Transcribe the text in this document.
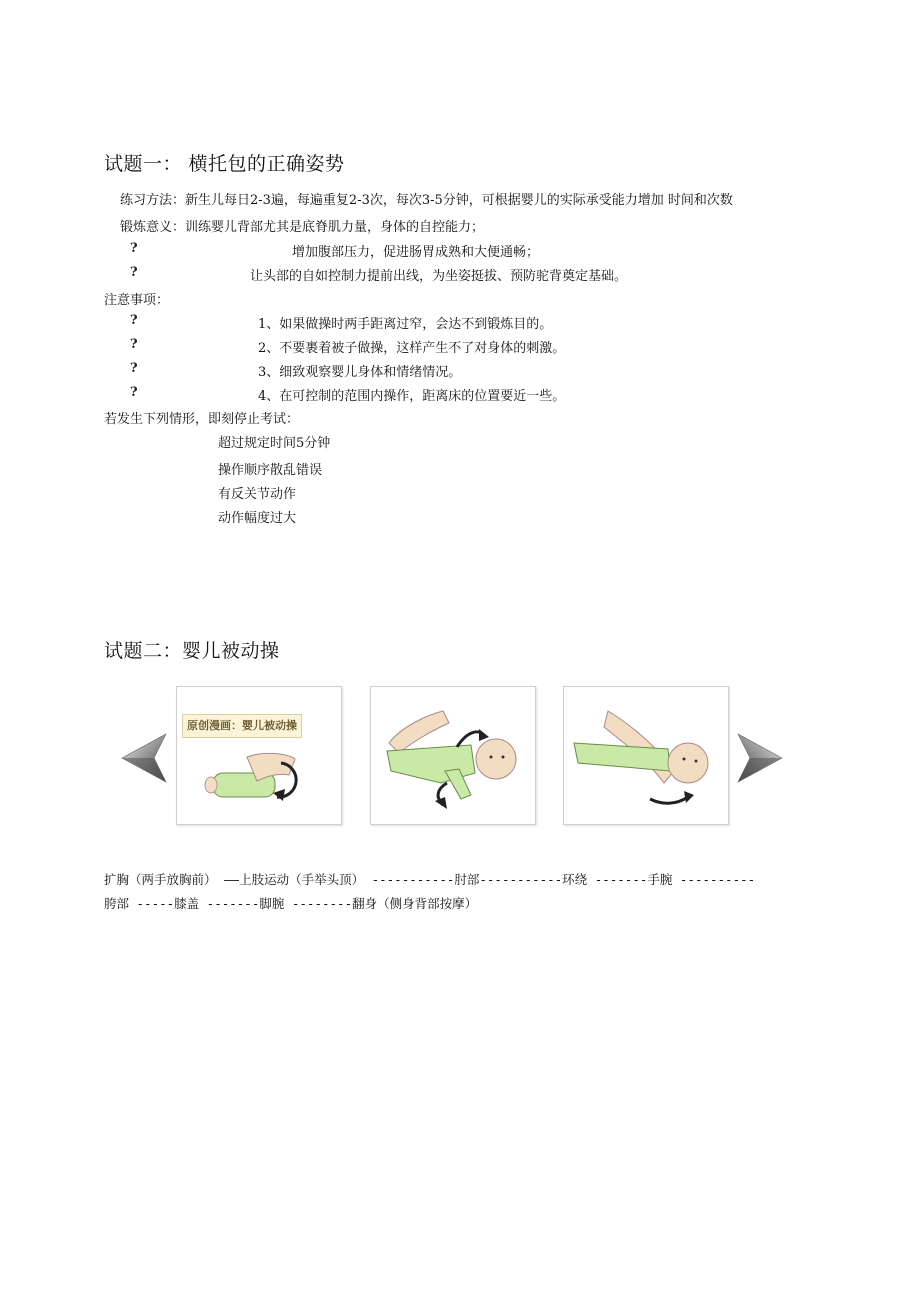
试题一： 横托包的正确姿势
练习方法：新生儿每日2-3遍，每遍重复2-3次，每次3-5分钟，可根据婴儿的实际承受能力增加 时间和次数
锻炼意义：训练婴儿背部尤其是底脊肌力量，身体的自控能力；
?	增加腹部压力，促进肠胃成熟和大便通畅；
?	让头部的自如控制力提前出线，为坐姿挺拔、预防驼背奠定基础。
注意事项：
?	1、如果做操时两手距离过窄，会达不到锻炼目的。
?	2、不要裹着被子做操，这样产生不了对身体的刺激。
?	3、细致观察婴儿身体和情绪情况。
?	4、在可控制的范围内操作，距离床的位置要近一些。
若发生下列情形，即刻停止考试：
超过规定时间5分钟
操作顺序散乱错误
有反关节动作
动作幅度过大
试题二：婴儿被动操
原创漫画：婴儿被动操
扩胸（两手放胸前） ——上肢运动（手举头顶） -----------肘部-----------环绕 -------手腕 ----------
胯部 -----膝盖 -------脚腕 --------翻身（侧身背部按摩）
